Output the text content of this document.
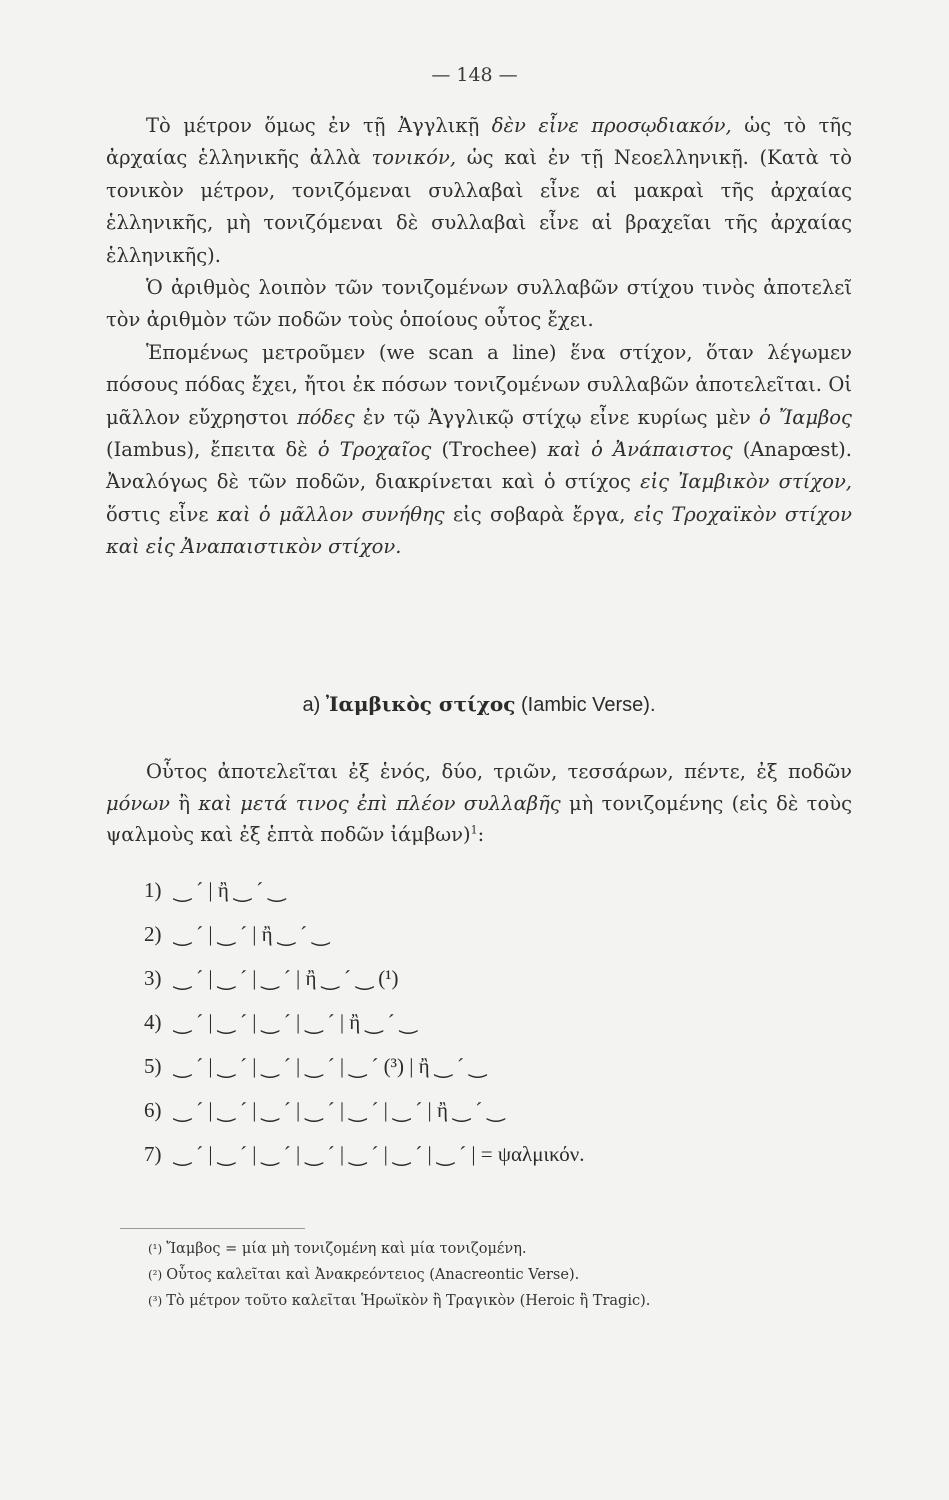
— 148 —

Τὸ μέτρον ὅμως ἐν τῇ Ἀγγλικῇ δὲν εἶνε προσῳδιακόν, ὡς τὸ τῆς ἀρχαίας ἑλληνικῆς ἀλλὰ τονικόν, ὡς καὶ ἐν τῇ Νεοελληνικῇ. (Κατὰ τὸ τονικὸν μέτρον, τονιζόμεναι συλλαβαὶ εἶνε αἱ μακραὶ τῆς ἀρχαίας ἑλληνικῆς, μὴ τονιζόμεναι δὲ συλλαβαὶ εἶνε αἱ βραχεῖαι τῆς ἀρχαίας ἑλληνικῆς).

Ὁ ἀριθμὸς λοιπὸν τῶν τονιζομένων συλλαβῶν στίχου τινὸς ἀποτελεῖ τὸν ἀριθμὸν τῶν ποδῶν τοὺς ὁποίους οὗτος ἔχει.

Ἑπομένως μετροῦμεν (we scan a line) ἕνα στίχον, ὅταν λέγωμεν πόσους πόδας ἔχει, ἤτοι ἐκ πόσων τονιζομένων συλλαβῶν ἀποτελεῖται. Οἱ μᾶλλον εὔχρηστοι πόδες ἐν τῷ Ἀγγλικῷ στίχῳ εἶνε κυρίως μὲν ὁ Ἴαμβος (Iambus), ἔπειτα δὲ ὁ Τροχαῖος (Trochee) καὶ ὁ Ἀνάπαιστος (Anapœst). Ἀναλόγως δὲ τῶν ποδῶν, διακρίνεται καὶ ὁ στίχος εἰς Ἰαμβικὸν στίχον, ὅστις εἶνε καὶ ὁ μᾶλλον συνήθης εἰς σοβαρὰ ἔργα, εἰς Τροχαϊκὸν στίχον καὶ εἰς Ἀναπαιστικὸν στίχον.

a) Ἰαμβικὸς στίχος (Iambic Verse).

Οὗτος ἀποτελεῖται ἐξ ἑνός, δύο, τριῶν, τεσσάρων, πέντε, ἐξ ποδῶν μόνων ἢ καὶ μετά τινος ἐπὶ πλέον συλλαβῆς μὴ τονιζομένης (εἰς δὲ τοὺς ψαλμοὺς καὶ ἐξ ἑπτὰ ποδῶν ἰάμβων)$^1$:

1) ‿ ´ | ἢ ‿ ´ ‿
2) ‿ ´ | ‿ ´ | ἢ ‿ ´ ‿
3) ‿ ´ | ‿ ´ | ‿ ´ | ἢ ‿ ´ ‿ (¹)
4) ‿ ´ | ‿ ´ | ‿ ´ | ‿ ´ | ἢ ‿ ´ ‿
5) ‿ ´ | ‿ ´ | ‿ ´ | ‿ ´ | ‿ ´ (³) | ἢ ‿ ´ ‿
6) ‿ ´ | ‿ ´ | ‿ ´ | ‿ ´ | ‿ ´ | ‿ ´ | ἢ ‿ ´ ‿
7) ‿ ´ | ‿ ´ | ‿ ´ | ‿ ´ | ‿ ´ | ‿ ´ | ‿ ´ | = ψαλμικόν.

(¹) Ἴαμβος = μία μὴ τονιζομένη καὶ μία τονιζομένη.

(²) Οὗτος καλεῖται καὶ Ἀνακρεόντειος (Anacreontic Verse).

(³) Τὸ μέτρον τοῦτο καλεῖται Ἡρωϊκὸν ἢ Τραγικὸν (Heroic ἢ Tragic).
